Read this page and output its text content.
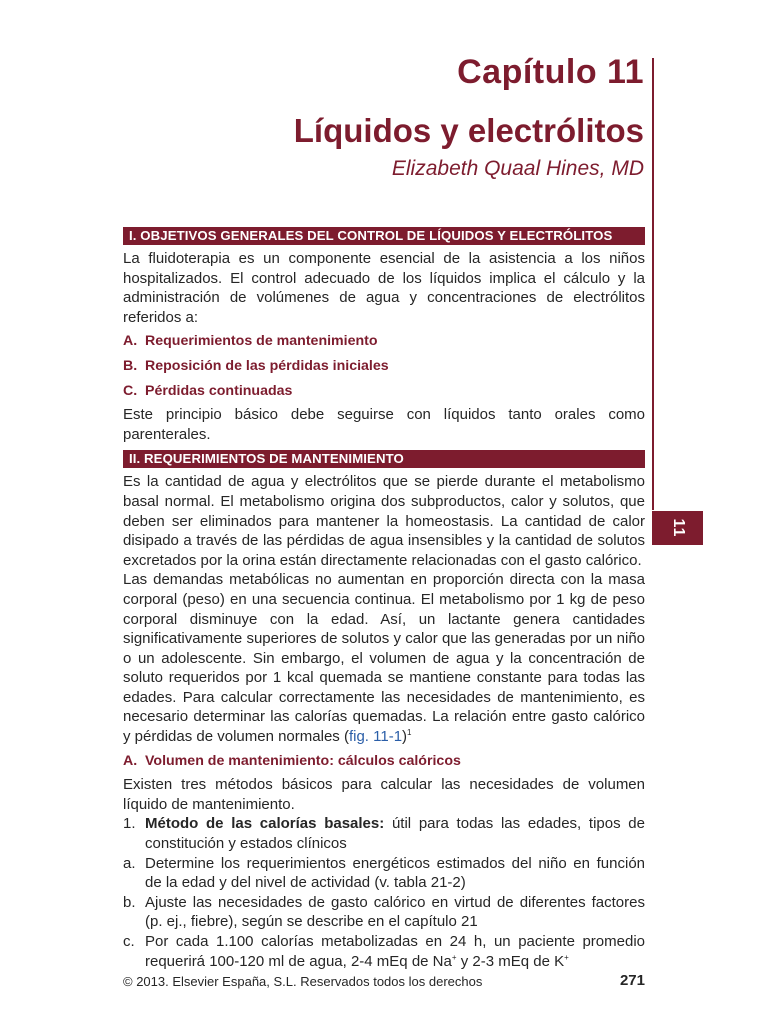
11
Capítulo 11
Líquidos y electrólitos
Elizabeth Quaal Hines, MD
I. OBJETIVOS GENERALES DEL CONTROL DE LÍQUIDOS Y ELECTRÓLITOS

La fluidoterapia es un componente esencial de la asistencia a los niños hospitalizados. El control adecuado de los líquidos implica el cálculo y la administración de volúmenes de agua y concentraciones de electrólitos referidos a:

A. Requerimientos de mantenimiento
B. Reposición de las pérdidas iniciales
C. Pérdidas continuadas

Este principio básico debe seguirse con líquidos tanto orales como parenterales.

II. REQUERIMIENTOS DE MANTENIMIENTO

Es la cantidad de agua y electrólitos que se pierde durante el metabolismo basal normal. El metabolismo origina dos subproductos, calor y solutos, que deben ser eliminados para mantener la homeostasis. La cantidad de calor disipado a través de las pérdidas de agua insensibles y la cantidad de solutos excretados por la orina están directamente relacionadas con el gasto calórico.

Las demandas metabólicas no aumentan en proporción directa con la masa corporal (peso) en una secuencia continua. El metabolismo por 1 kg de peso corporal disminuye con la edad. Así, un lactante genera cantidades significativamente superiores de solutos y calor que las generadas por un niño o un adolescente. Sin embargo, el volumen de agua y la concentración de soluto requeridos por 1 kcal quemada se mantiene constante para todas las edades. Para calcular correctamente las necesidades de mantenimiento, es necesario determinar las calorías quemadas. La relación entre gasto calórico y pérdidas de volumen normales (fig. 11-1)$^1$

A. Volumen de mantenimiento: cálculos calóricos

Existen tres métodos básicos para calcular las necesidades de volumen líquido de mantenimiento.

1. Método de las calorías basales: útil para todas las edades, tipos de constitución y estados clínicos
a. Determine los requerimientos energéticos estimados del niño en función de la edad y del nivel de actividad (v. tabla 21-2)
b. Ajuste las necesidades de gasto calórico en virtud de diferentes factores (p. ej., fiebre), según se describe en el capítulo 21
c. Por cada 1.100 calorías metabolizadas en 24 h, un paciente promedio requerirá 100-120 ml de agua, 2-4 mEq de Na+ y 2-3 mEq de K+
© 2013. Elsevier España, S.L. Reservados todos los derechos	271
